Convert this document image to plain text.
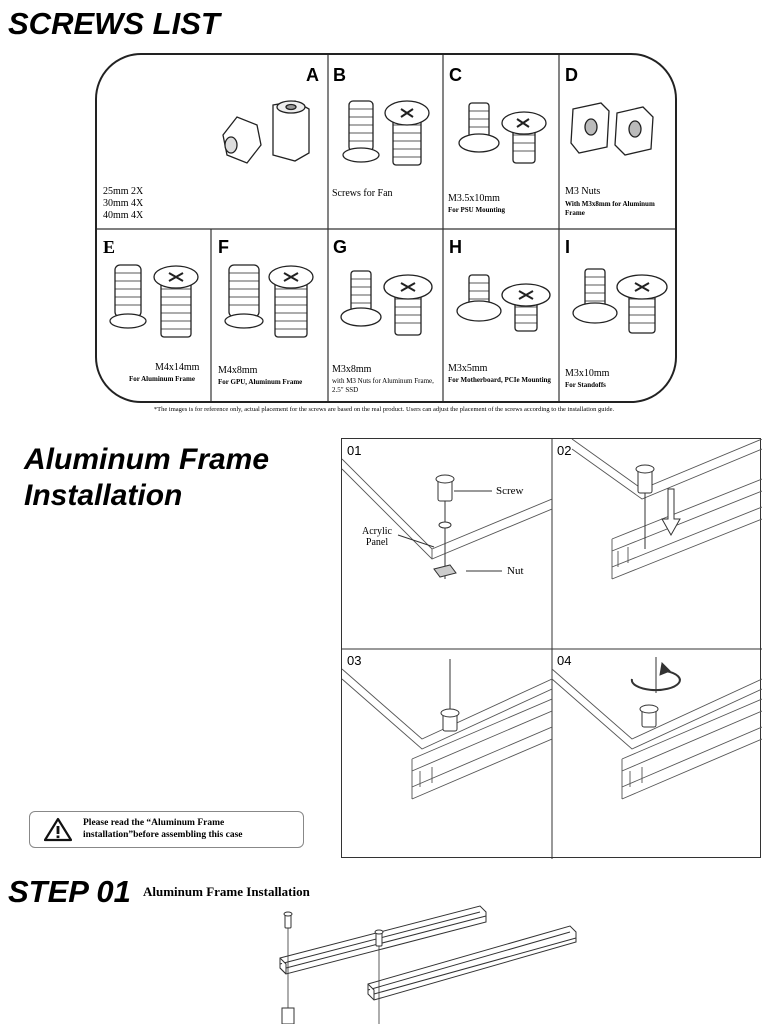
SCREWS LIST
A
25mm 2X
30mm 4X
40mm 4X
B
Screws for Fan
C
M3.5x10mm
For PSU Mounting
D
M3 Nuts
With M3x8mm for Aluminum Frame
E
M4x14mm
For Aluminum Frame
F
M4x8mm
For GPU, Aluminum Frame
G
M3x8mm
with M3 Nuts for Aluminum Frame, 2.5" SSD
H
M3x5mm
For Motherboard, PCIe Mounting
I
M3x10mm
For Standoffs
*The images is for reference only, actual placement for the screws are based on the real product. Users can adjust the placement of the screws according to the installation guide.
Aluminum Frame
Installation
Please read the “Aluminum Frame installation”before assembling this case
01
Screw
Acrylic
Panel
Nut
02
03	04
STEP 01 Aluminum Frame Installation
